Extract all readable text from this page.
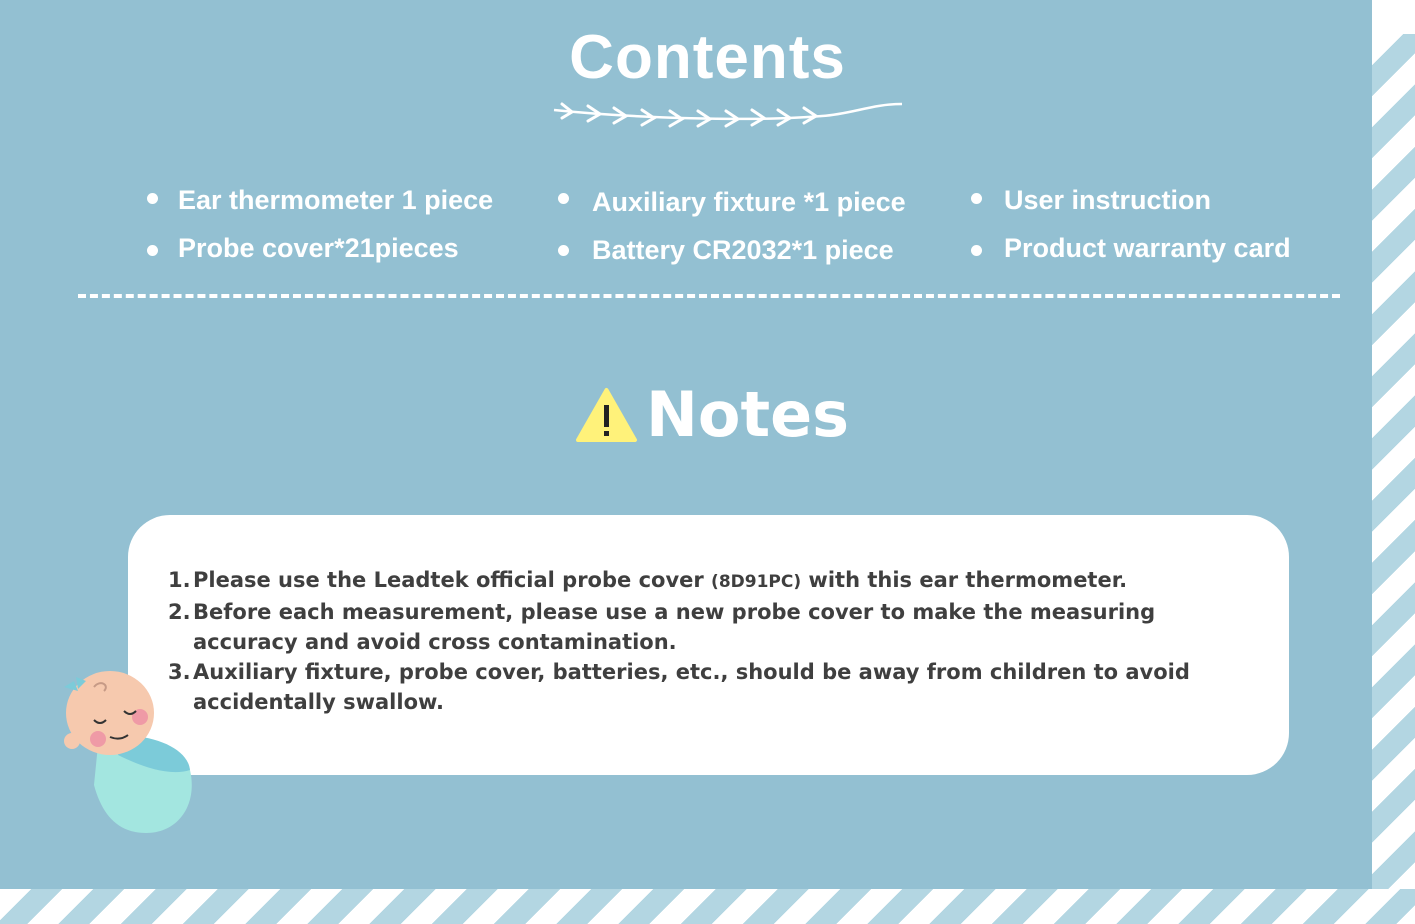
Contents
Ear thermometer 1 piece
Probe cover*21pieces
Auxiliary fixture *1 piece
Battery CR2032*1 piece
User instruction
Product warranty card
Notes
1. Please use the Leadtek official probe cover (8D91PC) with this ear thermometer.
2. Before each measurement, please use a new probe cover to make the measuring accuracy and avoid cross contamination.
3. Auxiliary fixture, probe cover, batteries, etc., should be away from children to avoid accidentally swallow.
